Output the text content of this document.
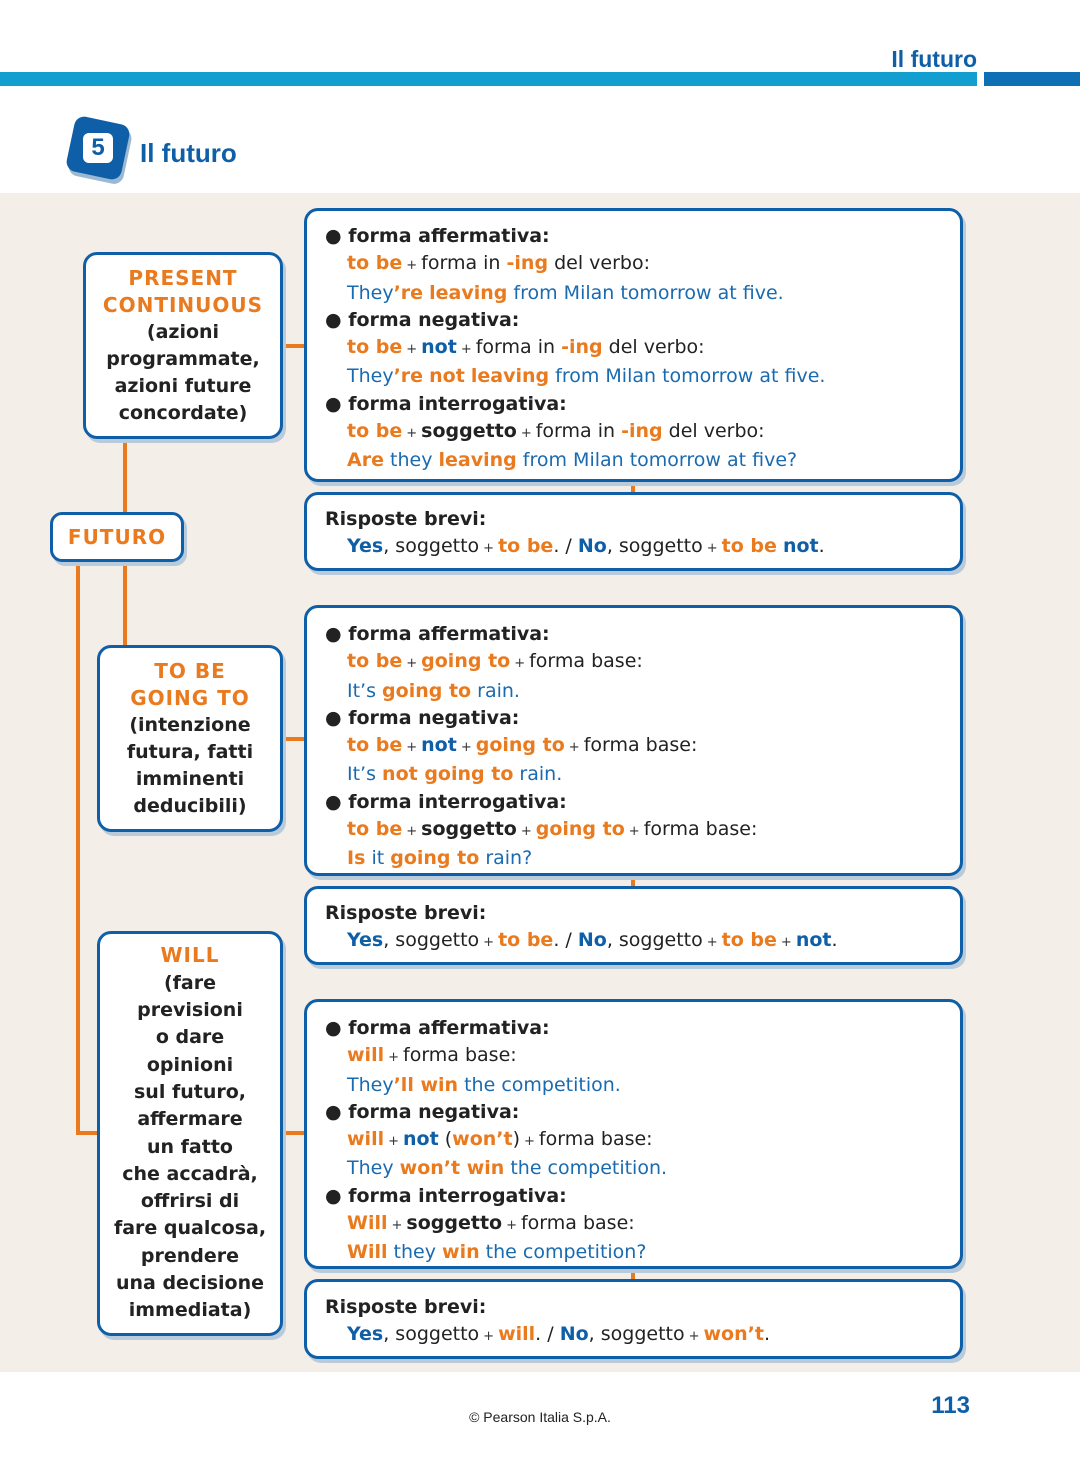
Il futuro
5	Il futuro
FUTURO
PRESENT
CONTINUOUS
(azioni
programmate,
azioni future
concordate)
● forma affermativa:
to be + forma in -ing del verbo:
They’re leaving from Milan tomorrow at five.
● forma negativa:
to be + not + forma in -ing del verbo:
They’re not leaving from Milan tomorrow at five.
● forma interrogativa:
to be + soggetto + forma in -ing del verbo:
Are they leaving from Milan tomorrow at five?
Risposte brevi:
Yes, soggetto + to be. / No, soggetto + to be not.
TO BE
GOING TO
(intenzione
futura, fatti
imminenti
deducibili)
● forma affermativa:
to be + going to + forma base:
It’s going to rain.
● forma negativa:
to be + not + going to + forma base:
It’s not going to rain.
● forma interrogativa:
to be + soggetto + going to + forma base:
Is it going to rain?
Risposte brevi:
Yes, soggetto + to be. / No, soggetto + to be + not.
WILL
(fare
previsioni
o dare
opinioni
sul futuro,
affermare
un fatto
che accadrà,
offrirsi di
fare qualcosa,
prendere
una decisione
immediata)
● forma affermativa:
will + forma base:
They’ll win the competition.
● forma negativa:
will + not (won’t) + forma base:
They won’t win the competition.
● forma interrogativa:
Will + soggetto + forma base:
Will they win the competition?
Risposte brevi:
Yes, soggetto + will. / No, soggetto + won’t.
© Pearson Italia S.p.A.	113
